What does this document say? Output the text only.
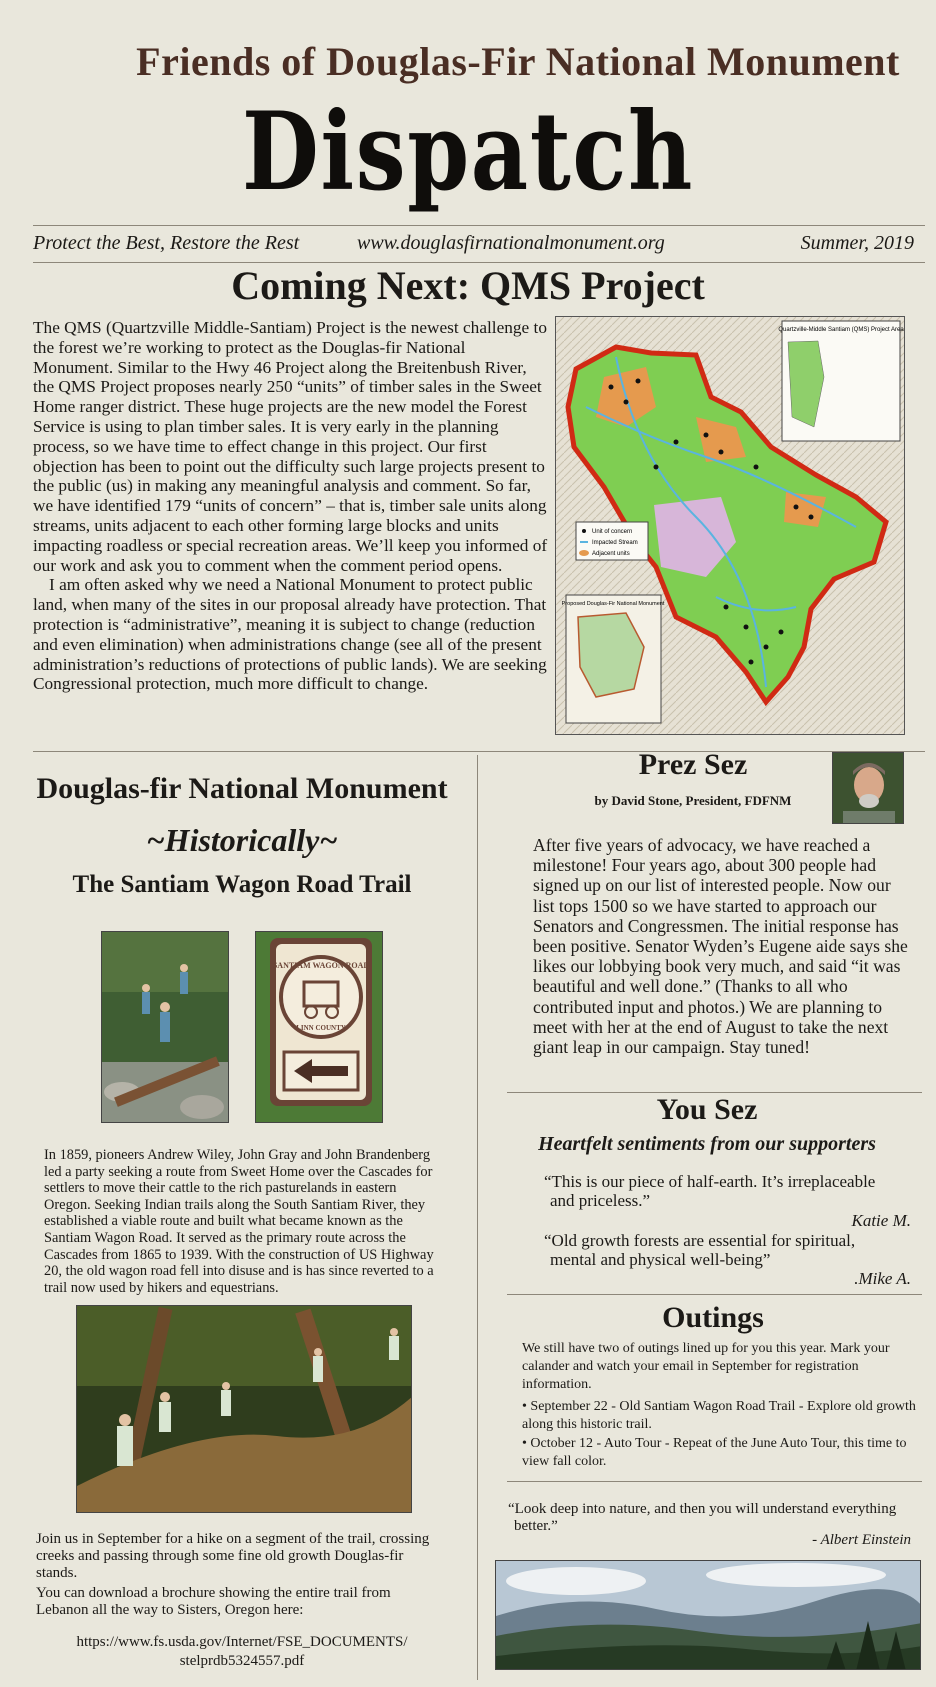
Friends of Douglas-Fir National Monument
Dispatch
Protect the Best, Restore the Rest	www.douglasfirnationalmonument.org	Summer, 2019
Coming Next: QMS Project

The QMS (Quartzville Middle-Santiam) Project is the newest challenge to the forest we’re working to protect as the Douglas-fir National Monument. Similar to the Hwy 46 Project along the Breitenbush River, the QMS Project proposes nearly 250 “units” of timber sales in the Sweet Home ranger district. These huge projects are the new model the Forest Service is using to plan timber sales. It is very early in the planning process, so we have time to effect change in this project. Our first objection has been to point out the difficulty such large projects present to the public (us) in making any meaningful analysis and comment. So far, we have identified 179 “units of concern” – that is, timber sale units along streams, units adjacent to each other forming large blocks and units impacting roadless or special recreation areas. We’ll keep you informed of our work and ask you to comment when the comment period opens.

I am often asked why we need a National Monument to protect public land, when many of the sites in our proposal already have protection. That protection is “administrative”, meaning it is subject to change (reduction and even elimination) when administrations change (see all of the present administration’s reductions of protections of public lands). We are seeking Congressional protection, much more difficult to change.

Quartzville-Middle Santiam (QMS) Project Area
Unit of concern
Impacted Stream
Adjacent units
Proposed Douglas-Fir National Monument
Douglas-fir National Monument
~Historically~
The Santiam Wagon Road Trail
SANTIAM WAGON ROAD
LINN COUNTY
In 1859, pioneers Andrew Wiley, John Gray and John Brandenberg led a party seeking a route from Sweet Home over the Cascades for settlers to move their cattle to the rich pasturelands in eastern Oregon. Seeking Indian trails along the South Santiam River, they established a viable route and built what became known as the Santiam Wagon Road. It served as the primary route across the Cascades from 1865 to 1939. With the construction of US Highway 20, the old wagon road fell into disuse and is has since reverted to a trail now used by hikers and equestrians.
Join us in September for a hike on a segment of the trail, crossing creeks and passing through some fine old growth Douglas-fir stands.
You can download a brochure showing the entire trail from Lebanon all the way to Sisters, Oregon here:
https://www.fs.usda.gov/Internet/FSE_DOCUMENTS/
stelprdb5324557.pdf
Prez Sez
by David Stone, President, FDFNM
After five years of advocacy, we have reached a milestone! Four years ago, about 300 people had signed up on our list of interested people. Now our list tops 1500 so we have started to approach our Senators and Congressmen. The initial response has been positive. Senator Wyden’s Eugene aide says she likes our lobbying book very much, and said “it was beautiful and well done.” (Thanks to all who contributed input and photos.) We are planning to meet with her at the end of August to take the next giant leap in our campaign. Stay tuned!
You Sez
Heartfelt sentiments from our supporters
“This is our piece of half-earth. It’s irreplaceable and priceless.”
Katie M.
“Old growth forests are essential for spiritual, mental and physical well-being”
.Mike A.
Outings
We still have two of outings lined up for you this year. Mark your calander and watch your email in September for registration information.
• September 22 - Old Santiam Wagon Road Trail - Explore old growth along this historic trail.
• October 12 - Auto Tour - Repeat of the June Auto Tour, this time to view fall color.
“Look deep into nature, and then you will understand everything better.”
- Albert Einstein
